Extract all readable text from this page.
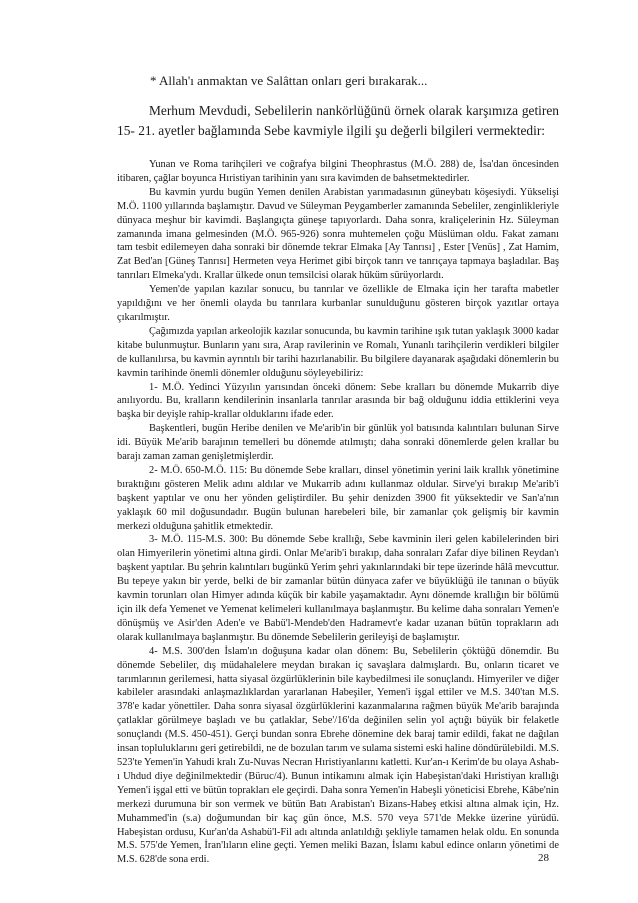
* Allah'ı anmaktan ve Salâttan onları geri bırakarak...

Merhum Mevdudi, Sebelilerin nankörlüğünü örnek olarak karşımıza getiren 15- 21. ayetler bağlamında Sebe kavmiyle ilgili şu değerli bilgileri vermektedir:

Yunan ve Roma tarihçileri ve coğrafya bilgini Theophrastus (M.Ö. 288) de, İsa'dan öncesinden itibaren, çağlar boyunca Hıristiyan tarihinin yanı sıra kavimden de bahsetmektedirler.

Bu kavmin yurdu bugün Yemen denilen Arabistan yarımadasının güneybatı köşesiydi. Yükselişi M.Ö. 1100 yıllarında başlamıştır. Davud ve Süleyman Peygamberler zamanında Sebeliler, zenginlikleriyle dünyaca meşhur bir kavimdi. Başlangıçta güneşe tapıyorlardı. Daha sonra, kraliçelerinin Hz. Süleyman zamanında imana gelmesinden (M.Ö. 965-926) sonra muhtemelen çoğu Müslüman oldu. Fakat zamanı tam tesbit edilemeyen daha sonraki bir dönemde tekrar Elmaka [Ay Tanrısı] , Ester [Venüs] , Zat Hamim, Zat Bed'an [Güneş Tanrısı] Hermeten veya Herimet gibi birçok tanrı ve tanrıçaya tapmaya başladılar. Baş tanrıları Elmeka'ydı. Krallar ülkede onun temsilcisi olarak hüküm sürüyorlardı.

Yemen'de yapılan kazılar sonucu, bu tanrılar ve özellikle de Elmaka için her tarafta mabetler yapıldığını ve her önemli olayda bu tanrılara kurbanlar sunulduğunu gösteren birçok yazıtlar ortaya çıkarılmıştır.

Çağımızda yapılan arkeolojik kazılar sonucunda, bu kavmin tarihine ışık tutan yaklaşık 3000 kadar kitabe bulunmuştur. Bunların yanı sıra, Arap ravilerinin ve Romalı, Yunanlı tarihçilerin verdikleri bilgiler de kullanılırsa, bu kavmin ayrıntılı bir tarihi hazırlanabilir. Bu bilgilere dayanarak aşağıdaki dönemlerin bu kavmin tarihinde önemli dönemler olduğunu söyleyebiliriz:

1- M.Ö. Yedinci Yüzyılın yarısından önceki dönem: Sebe kralları bu dönemde Mukarrib diye anılıyordu. Bu, kralların kendilerinin insanlarla tanrılar arasında bir bağ olduğunu iddia ettiklerini veya başka bir deyişle rahip-krallar olduklarını ifade eder.

Başkentleri, bugün Heribe denilen ve Me'arib'in bir günlük yol batısında kalıntıları bulunan Sirve idi. Büyük Me'arib barajının temelleri bu dönemde atılmıştı; daha sonraki dönemlerde gelen krallar bu barajı zaman zaman genişletmişlerdir.

2- M.Ö. 650-M.Ö. 115: Bu dönemde Sebe kralları, dinsel yönetimin yerini laik krallık yönetimine bıraktığını gösteren Melik adını aldılar ve Mukarrib adını kullanmaz oldular. Sirve'yi bırakıp Me'arib'i başkent yaptılar ve onu her yönden geliştirdiler. Bu şehir denizden 3900 fit yüksektedir ve San'a'nın yaklaşık 60 mil doğusundadır. Bugün bulunan harebeleri bile, bir zamanlar çok gelişmiş bir kavmin merkezi olduğuna şahitlik etmektedir.

3- M.Ö. 115-M.S. 300: Bu dönemde Sebe krallığı, Sebe kavminin ileri gelen kabilelerinden biri olan Himyerilerin yönetimi altına girdi. Onlar Me'arib'i bırakıp, daha sonraları Zafar diye bilinen Reydan'ı başkent yaptılar. Bu şehrin kalıntıları bugünkü Yerim şehri yakınlarındaki bir tepe üzerinde hâlâ mevcuttur. Bu tepeye yakın bir yerde, belki de bir zamanlar bütün dünyaca zafer ve büyüklüğü ile tanınan o büyük kavmin torunları olan Himyer adında küçük bir kabile yaşamaktadır. Aynı dönemde krallığın bir bölümü için ilk defa Yemenet ve Yemenat kelimeleri kullanılmaya başlanmıştır. Bu kelime daha sonraları Yemen'e dönüşmüş ve Asir'den Aden'e ve Babü'l-Mendeb'den Hadramevt'e kadar uzanan bütün toprakların adı olarak kullanılmaya başlanmıştır. Bu dönemde Sebelilerin gerileyişi de başlamıştır.

4- M.S. 300'den İslam'ın doğuşuna kadar olan dönem: Bu, Sebelilerin çöktüğü dönemdir. Bu dönemde Sebeliler, dış müdahalelere meydan bırakan iç savaşlara dalmışlardı. Bu, onların ticaret ve tarımlarının gerilemesi, hatta siyasal özgürlüklerinin bile kaybedilmesi ile sonuçlandı. Himyeriler ve diğer kabileler arasındaki anlaşmazlıklardan yararlanan Habeşiler, Yemen'i işgal ettiler ve M.S. 340'tan M.S. 378'e kadar yönettiler. Daha sonra siyasal özgürlüklerini kazanmalarına rağmen büyük Me'arib barajında çatlaklar görülmeye başladı ve bu çatlaklar, Sebe'/16'da değinilen selin yol açtığı büyük bir felaketle sonuçlandı (M.S. 450-451). Gerçi bundan sonra Ebrehe dönemine dek baraj tamir edildi, fakat ne dağılan insan topluluklarını geri getirebildi, ne de bozulan tarım ve sulama sistemi eski haline döndürülebildi. M.S. 523'te Yemen'in Yahudi kralı Zu-Nuvas Necran Hıristiyanlarını katletti. Kur'an-ı Kerim'de bu olaya Ashab-ı Uhdud diye değinilmektedir (Büruc/4). Bunun intikamını almak için Habeşistan'daki Hıristiyan krallığı Yemen'i işgal etti ve bütün toprakları ele geçirdi. Daha sonra Yemen'in Habeşli yöneticisi Ebrehe, Kâbe'nin merkezi durumuna bir son vermek ve bütün Batı Arabistan'ı Bizans-Habeş etkisi altına almak için, Hz. Muhammed'in (s.a) doğumundan bir kaç gün önce, M.S. 570 veya 571'de Mekke üzerine yürüdü. Habeşistan ordusu, Kur'an'da Ashabü'l-Fil adı altında anlatıldığı şekliyle tamamen helak oldu. En sonunda M.S. 575'de Yemen, İran'lıların eline geçti. Yemen meliki Bazan, İslamı kabul edince onların yönetimi de M.S. 628'de sona erdi.	28
